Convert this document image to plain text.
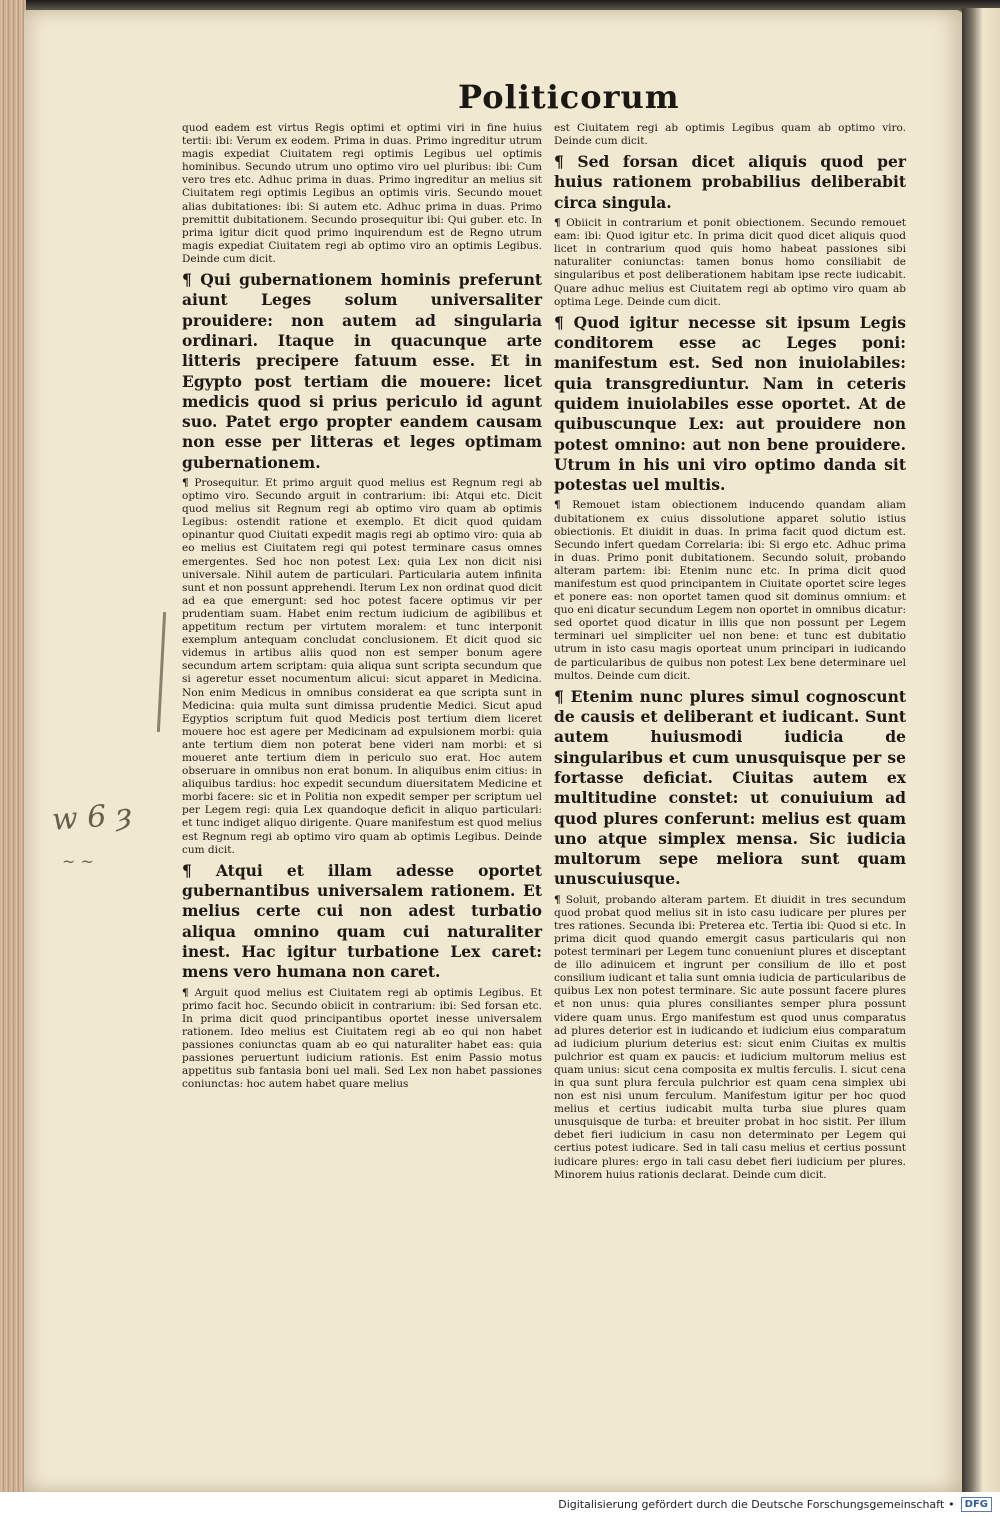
Politicorum

quod eadem est virtus Regis optimi et optimi viri in fine huius tertii: ibi: Verum ex eodem. Prima in duas. Primo ingreditur utrum magis expediat Ciuitatem regi optimis Legibus uel optimis hominibus. Secundo utrum uno optimo viro uel pluribus: ibi: Cum vero tres etc. Adhuc prima in duas. Primo ingreditur an melius sit Ciuitatem regi optimis Legibus an optimis viris. Secundo mouet alias dubitationes: ibi: Si autem etc. Adhuc prima in duas. Primo premittit dubitationem. Secundo prosequitur ibi: Qui guber. etc. In prima igitur dicit quod primo inquirendum est de Regno utrum magis expediat Ciuitatem regi ab optimo viro an optimis Legibus. Deinde cum dicit.

¶ Qui gubernationem hominis preferunt aiunt Leges solum universaliter prouidere: non autem ad singularia ordinari. Itaque in quacunque arte litteris precipere fatuum esse. Et in Egypto post tertiam die mouere: licet medicis quod si prius periculo id agunt suo. Patet ergo propter eandem causam non esse per litteras et leges optimam gubernationem.

¶ Prosequitur. Et primo arguit quod melius est Regnum regi ab optimo viro. Secundo arguit in contrarium: ibi: Atqui etc. Dicit quod melius sit Regnum regi ab optimo viro quam ab optimis Legibus: ostendit ratione et exemplo. Et dicit quod quidam opinantur quod Ciuitati expedit magis regi ab optimo viro: quia ab eo melius est Ciuitatem regi qui potest terminare casus omnes emergentes. Sed hoc non potest Lex: quia Lex non dicit nisi universale. Nihil autem de particulari. Particularia autem infinita sunt et non possunt apprehendi. Iterum Lex non ordinat quod dicit ad ea que emergunt: sed hoc potest facere optimus vir per prudentiam suam. Habet enim rectum iudicium de agibilibus et appetitum rectum per virtutem moralem: et tunc interponit exemplum antequam concludat conclusionem. Et dicit quod sic videmus in artibus aliis quod non est semper bonum agere secundum artem scriptam: quia aliqua sunt scripta secundum que si ageretur esset nocumentum alicui: sicut apparet in Medicina. Non enim Medicus in omnibus considerat ea que scripta sunt in Medicina: quia multa sunt dimissa prudentie Medici. Sicut apud Egyptios scriptum fuit quod Medicis post tertium diem liceret mouere hoc est agere per Medicinam ad expulsionem morbi: quia ante tertium diem non poterat bene videri nam morbi: et si moueret ante tertium diem in periculo suo erat. Hoc autem obseruare in omnibus non erat bonum. In aliquibus enim citius: in aliquibus tardius: hoc expedit secundum diuersitatem Medicine et morbi facere: sic et in Politia non expedit semper per scriptum uel per Legem regi: quia Lex quandoque deficit in aliquo particulari: et tunc indiget aliquo dirigente. Quare manifestum est quod melius est Regnum regi ab optimo viro quam ab optimis Legibus. Deinde cum dicit.

¶ Atqui et illam adesse oportet gubernantibus universalem rationem. Et melius certe cui non adest turbatio aliqua omnino quam cui naturaliter inest. Hac igitur turbatione Lex caret: mens vero humana non caret.

¶ Arguit quod melius est Ciuitatem regi ab optimis Legibus. Et primo facit hoc. Secundo obiicit in contrarium: ibi: Sed forsan etc. In prima dicit quod principantibus oportet inesse universalem rationem. Ideo melius est Ciuitatem regi ab eo qui non habet passiones coniunctas quam ab eo qui naturaliter habet eas: quia passiones peruertunt iudicium rationis. Est enim Passio motus appetitus sub fantasia boni uel mali. Sed Lex non habet passiones coniunctas: hoc autem habet quare melius

est Ciuitatem regi ab optimis Legibus quam ab optimo viro. Deinde cum dicit.

¶ Sed forsan dicet aliquis quod per huius rationem probabilius deliberabit circa singula.

¶ Obiicit in contrarium et ponit obiectionem. Secundo remouet eam: ibi: Quod igitur etc. In prima dicit quod dicet aliquis quod licet in contrarium quod quis homo habeat passiones sibi naturaliter coniunctas: tamen bonus homo consiliabit de singularibus et post deliberationem habitam ipse recte iudicabit. Quare adhuc melius est Ciuitatem regi ab optimo viro quam ab optima Lege. Deinde cum dicit.

¶ Quod igitur necesse sit ipsum Legis conditorem esse ac Leges poni: manifestum est. Sed non inuiolabiles: quia transgrediuntur. Nam in ceteris quidem inuiolabiles esse oportet. At de quibuscunque Lex: aut prouidere non potest omnino: aut non bene prouidere. Utrum in his uni viro optimo danda sit potestas uel multis.

¶ Remouet istam obiectionem inducendo quandam aliam dubitationem ex cuius dissolutione apparet solutio istius obiectionis. Et diuidit in duas. In prima facit quod dictum est. Secundo infert quedam Correlaria: ibi: Si ergo etc. Adhuc prima in duas. Primo ponit dubitationem. Secundo soluit, probando alteram partem: ibi: Etenim nunc etc. In prima dicit quod manifestum est quod principantem in Ciuitate oportet scire leges et ponere eas: non oportet tamen quod sit dominus omnium: et quo eni dicatur secundum Legem non oportet in omnibus dicatur: sed oportet quod dicatur in illis que non possunt per Legem terminari uel simpliciter uel non bene: et tunc est dubitatio utrum in isto casu magis oporteat unum principari in iudicando de particularibus de quibus non potest Lex bene determinare uel multos. Deinde cum dicit.

¶ Etenim nunc plures simul cognoscunt de causis et deliberant et iudicant. Sunt autem huiusmodi iudicia de singularibus et cum unusquisque per se fortasse deficiat. Ciuitas autem ex multitudine constet: ut conuiuium ad quod plures conferunt: melius est quam uno atque simplex mensa. Sic iudicia multorum sepe meliora sunt quam unuscuiusque.

¶ Soluit, probando alteram partem. Et diuidit in tres secundum quod probat quod melius sit in isto casu iudicare per plures per tres rationes. Secunda ibi: Preterea etc. Tertia ibi: Quod si etc. In prima dicit quod quando emergit casus particularis qui non potest terminari per Legem tunc conueniunt plures et disceptant de illo adinuicem et ingrunt per consilium de illo et post consilium iudicant et talia sunt omnia iudicia de particularibus de quibus Lex non potest terminare. Sic aute possunt facere plures et non unus: quia plures consiliantes semper plura possunt videre quam unus. Ergo manifestum est quod unus comparatus ad plures deterior est in iudicando et iudicium eius comparatum ad iudicium plurium deterius est: sicut enim Ciuitas ex multis pulchrior est quam ex paucis: et iudicium multorum melius est quam unius: sicut cena composita ex multis ferculis. I. sicut cena in qua sunt plura fercula pulchrior est quam cena simplex ubi non est nisi unum ferculum. Manifestum igitur per hoc quod melius et certius iudicabit multa turba siue plures quam unusquisque de turba: et breuiter probat in hoc sistit. Per illum debet fieri iudicium in casu non determinato per Legem qui certius potest iudicare. Sed in tali casu melius et certius possunt iudicare plures: ergo in tali casu debet fieri iudicium per plures. Minorem huius rationis declarat. Deinde cum dicit.

w 6 ȝ
~ ~
Digitalisierung gefördert durch die Deutsche Forschungsgemeinschaft •	DFG
